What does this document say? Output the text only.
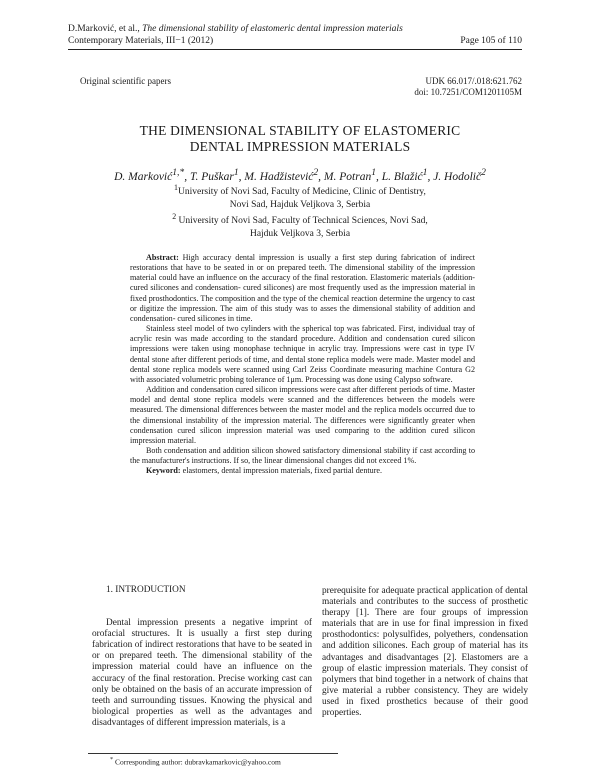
D.Marković, et al., The dimensional stability of elastomeric dental impression materials
Contemporary Materials, III−1 (2012)	Page 105 of 110
Original scientific papers	UDK 66.017/.018:621.762
doi: 10.7251/COM1201105M
THE DIMENSIONAL STABILITY OF ELASTOMERIC
DENTAL IMPRESSION MATERIALS
D. Marković$^{1,*}$, T. Puškar$^1$, M. Hadžistević$^2$, M. Potran$^1$, L. Blažić$^1$, J. Hodolič$^2$
$^1$University of Novi Sad, Faculty of Medicine, Clinic of Dentistry,
Novi Sad, Hajduk Veljkova 3, Serbia
$^2$ University of Novi Sad, Faculty of Technical Sciences, Novi Sad,
Hajduk Veljkova 3, Serbia

Abstract: High accuracy dental impression is usually a first step during fabrication of indirect restorations that have to be seated in or on prepared teeth. The dimensional stability of the impression material could have an influence on the accuracy of the final restoration. Elastomeric materials (addition- cured silicones and condensation- cured silicones) are most frequently used as the impression material in fixed prosthodontics. The composition and the type of the chemical reaction determine the urgency to cast or digitize the impression. The aim of this study was to asses the dimensional stability of addition and condensation- cured silicones in time.

Stainless steel model of two cylinders with the spherical top was fabricated. First, individual tray of acrylic resin was made according to the standard procedure. Addition and condensation cured silicon impressions were taken using monophase technique in acrylic tray. Impressions were cast in type IV dental stone after different periods of time, and dental stone replica models were made. Master model and dental stone replica models were scanned using Carl Zeiss Coordinate measuring machine Contura G2 with associated volumetric probing tolerance of 1μm. Processing was done using Calypso software.

Addition and condensation cured silicon impressions were cast after different periods of time. Master model and dental stone replica models were scanned and the differences between the models were measured. The dimensional differences between the master model and the replica models occurred due to the dimensional instability of the impression material. The differences were significantly greater when condensation cured silicon impression material was used comparing to the addition cured silicon impression material.

Both condensation and addition silicon showed satisfactory dimensional stability if cast according to the manufacturer's instructions. If so, the linear dimensional changes did not exceed 1%.

Keyword: elastomers, dental impression materials, fixed partial denture.

1. INTRODUCTION

Dental impression presents a negative imprint of orofacial structures. It is usually a first step during fabrication of indirect restorations that have to be seated in or on prepared teeth. The dimensional stability of the impression material could have an influence on the accuracy of the final restoration. Precise working cast can only be obtained on the basis of an accurate impression of teeth and surrounding tissues. Knowing the physical and biological properties as well as the advantages and disadvantages of different impression materials, is a

prerequisite for adequate practical application of dental materials and contributes to the success of prosthetic therapy [1]. There are four groups of impression materials that are in use for final impression in fixed prosthodontics: polysulfides, polyethers, condensation and addition silicones. Each group of material has its advantages and disadvantages [2]. Elastomers are a group of elastic impression materials. They consist of polymers that bind together in a network of chains that give material a rubber consistency. They are widely used in fixed prosthetics because of their good properties.

* Corresponding author: dubravkamarkovic@yahoo.com
